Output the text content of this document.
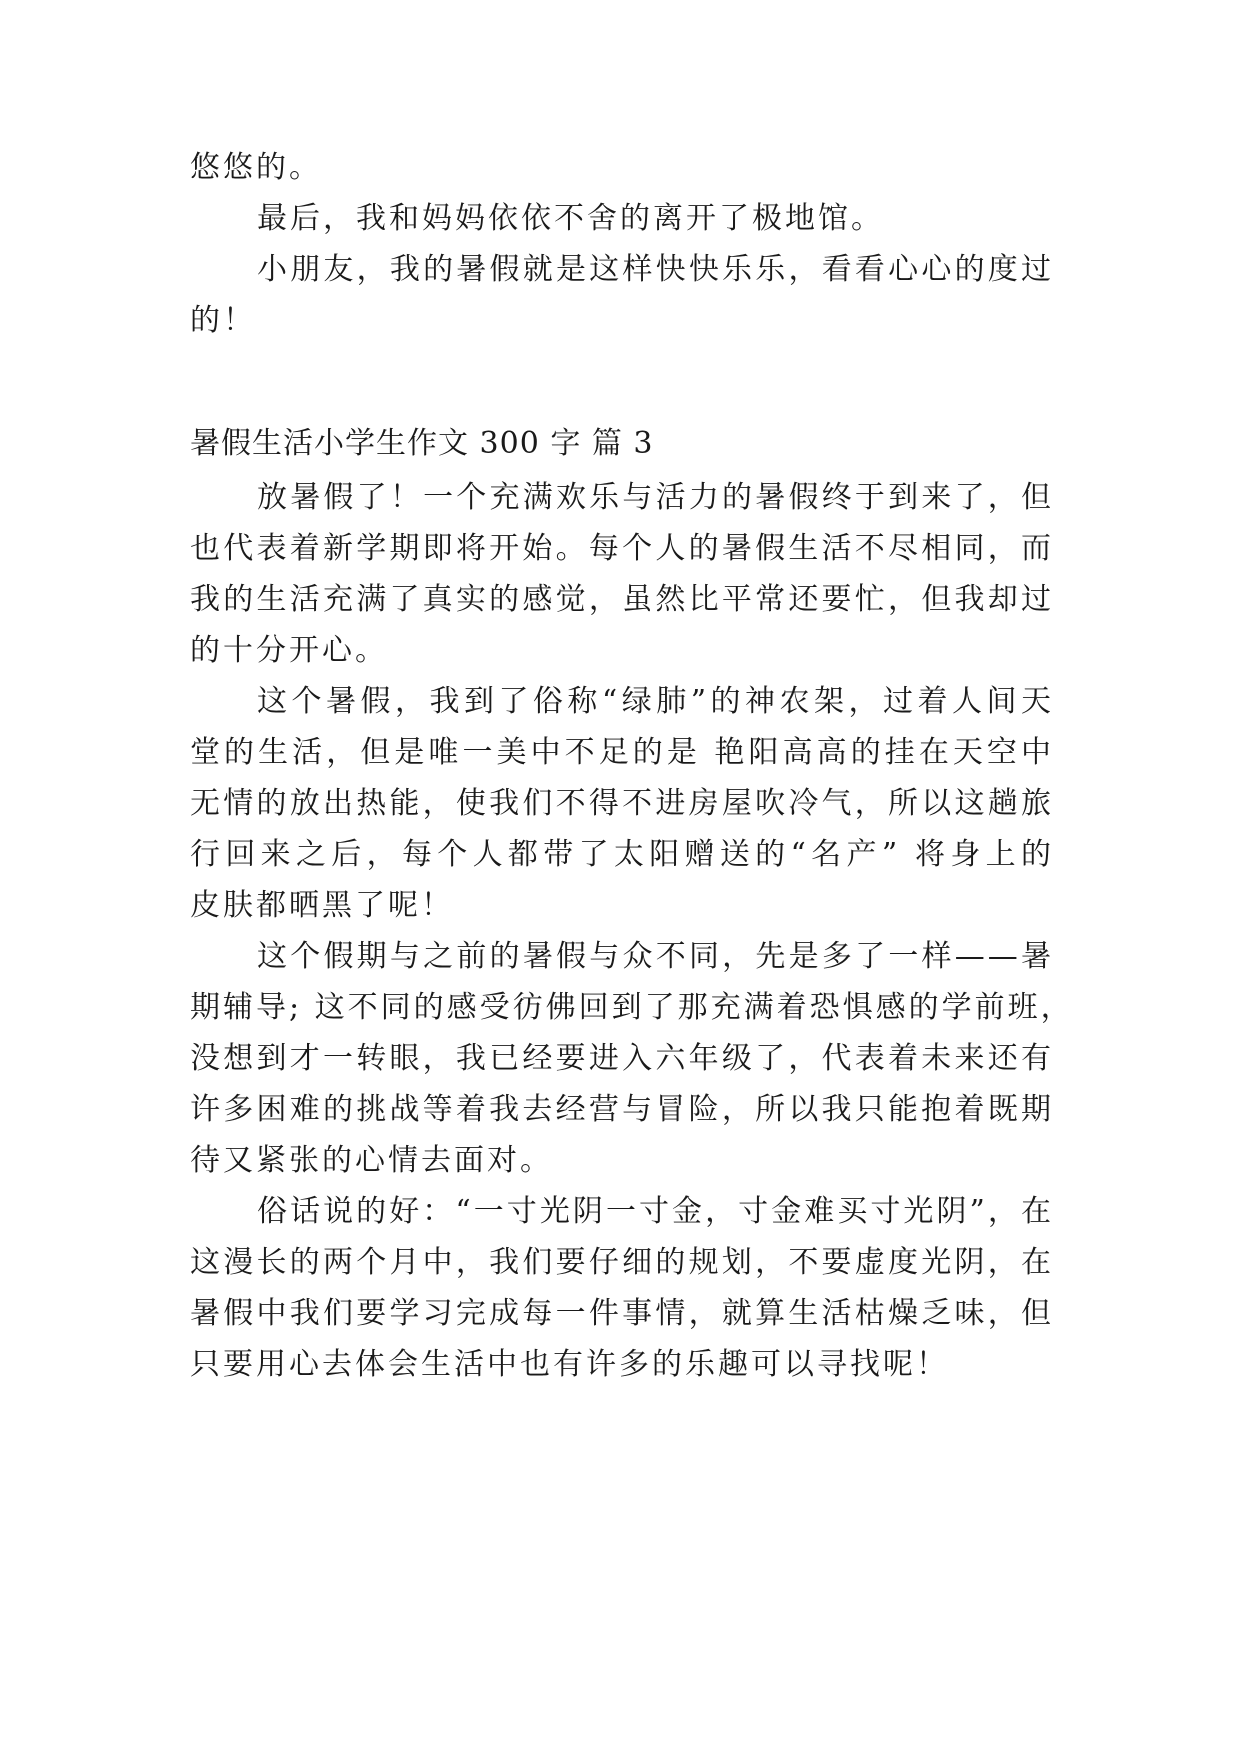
悠悠的。
最后，我和妈妈依依不舍的离开了极地馆。
小朋友，我的暑假就是这样快快乐乐，看看心心的度过
的！
暑假生活小学生作文 300 字 篇 3
放暑假了！一个充满欢乐与活力的暑假终于到来了，但
也代表着新学期即将开始。每个人的暑假生活不尽相同，而
我的生活充满了真实的感觉，虽然比平常还要忙，但我却过
的十分开心。
这个暑假，我到了俗称“绿肺”的神农架，过着人间天
堂的生活，但是唯一美中不足的是 艳阳高高的挂在天空中
无情的放出热能，使我们不得不进房屋吹冷气，所以这趟旅
行回来之后，每个人都带了太阳赠送的“名产” 将身上的
皮肤都晒黑了呢！
这个假期与之前的暑假与众不同，先是多了一样——暑
期辅导; 这不同的感受彷佛回到了那充满着恐惧感的学前班，
没想到才一转眼，我已经要进入六年级了，代表着未来还有
许多困难的挑战等着我去经营与冒险，所以我只能抱着既期
待又紧张的心情去面对。
俗话说的好：“一寸光阴一寸金，寸金难买寸光阴”，在
这漫长的两个月中，我们要仔细的规划，不要虚度光阴，在
暑假中我们要学习完成每一件事情，就算生活枯燥乏味，但
只要用心去体会生活中也有许多的乐趣可以寻找呢！
